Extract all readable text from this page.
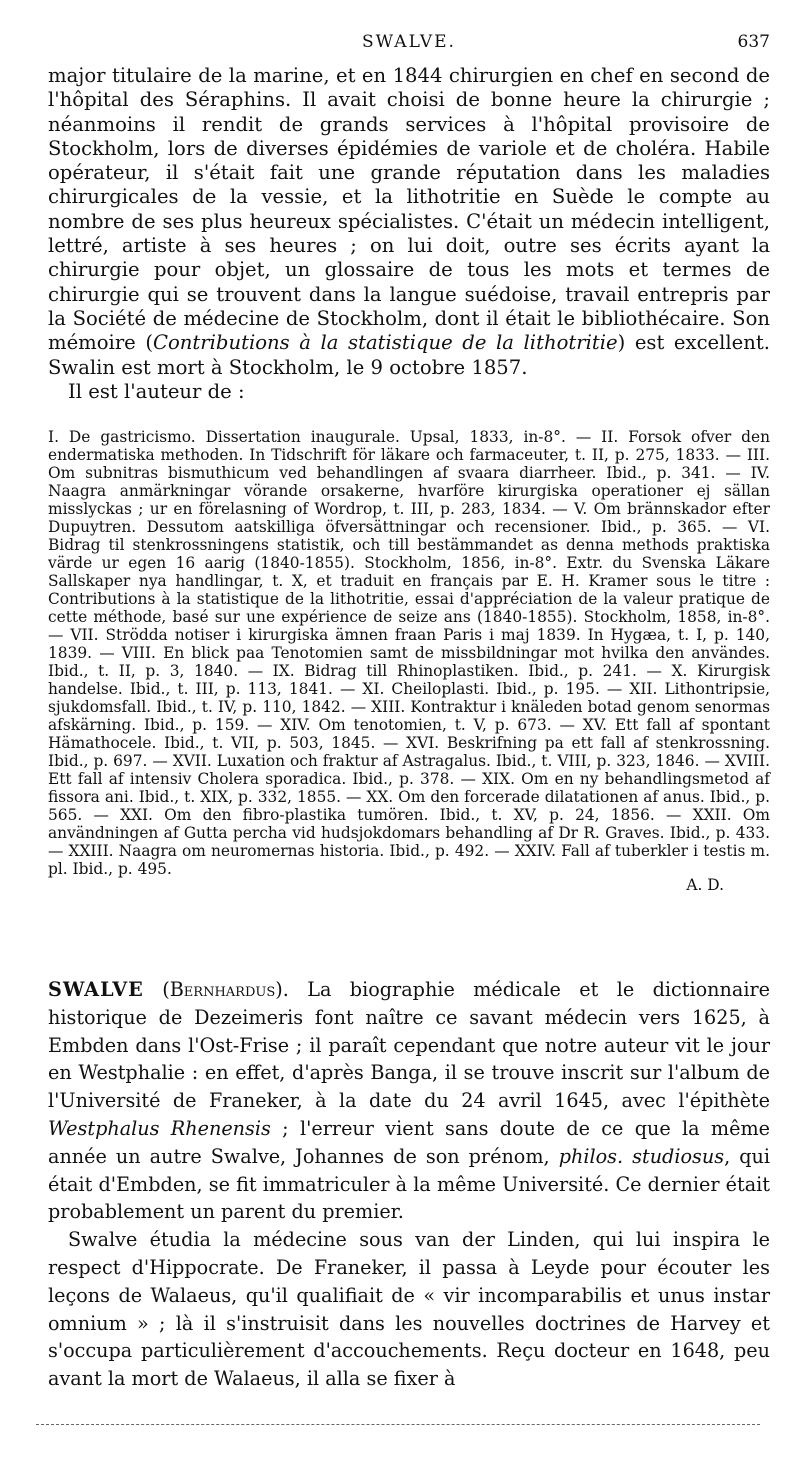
SWALVE.	637

major titulaire de la marine, et en 1844 chirurgien en chef en second de l'hôpital des Séraphins. Il avait choisi de bonne heure la chirurgie ; néanmoins il rendit de grands services à l'hôpital provisoire de Stockholm, lors de diverses épidémies de variole et de choléra. Habile opérateur, il s'était fait une grande réputation dans les maladies chirurgicales de la vessie, et la lithotritie en Suède le compte au nombre de ses plus heureux spécialistes. C'était un médecin intelligent, lettré, artiste à ses heures ; on lui doit, outre ses écrits ayant la chirurgie pour objet, un glossaire de tous les mots et termes de chirurgie qui se trouvent dans la langue suédoise, travail entrepris par la Société de médecine de Stockholm, dont il était le bibliothécaire. Son mémoire (Contributions à la statistique de la lithotritie) est excellent. Swalin est mort à Stockholm, le 9 octobre 1857.

Il est l'auteur de :

I. De gastricismo. Dissertation inaugurale. Upsal, 1833, in-8°. — II. Forsok ofver den endermatiska methoden. In Tidschrift för läkare och farmaceuter, t. II, p. 275, 1833. — III. Om subnitras bismuthicum ved behandlingen af svaara diarrheer. Ibid., p. 341. — IV. Naagra anmärkningar vörande orsakerne, hvarföre kirurgiska operationer ej sällan misslyckas ; ur en förelasning of Wordrop, t. III, p. 283, 1834. — V. Om brännskador efter Dupuytren. Dessutom aatskilliga öfversättningar och recensioner. Ibid., p. 365. — VI. Bidrag til stenkrossningens statistik, och till bestämmandet as denna methods praktiska värde ur egen 16 aarig (1840-1855). Stockholm, 1856, in-8°. Extr. du Svenska Läkare Sallskaper nya handlingar, t. X, et traduit en français par E. H. Kramer sous le titre : Contributions à la statistique de la lithotritie, essai d'appréciation de la valeur pratique de cette méthode, basé sur une expérience de seize ans (1840-1855). Stockholm, 1858, in-8°. — VII. Strödda notiser i kirurgiska ämnen fraan Paris i maj 1839. In Hygæa, t. I, p. 140, 1839. — VIII. En blick paa Tenotomien samt de missbildningar mot hvilka den användes. Ibid., t. II, p. 3, 1840. — IX. Bidrag till Rhinoplastiken. Ibid., p. 241. — X. Kirurgisk handelse. Ibid., t. III, p. 113, 1841. — XI. Cheiloplasti. Ibid., p. 195. — XII. Lithontripsie, sjukdomsfall. Ibid., t. IV, p. 110, 1842. — XIII. Kontraktur i knäleden botad genom senormas afskärning. Ibid., p. 159. — XIV. Om tenotomien, t. V, p. 673. — XV. Ett fall af spontant Hämathocele. Ibid., t. VII, p. 503, 1845. — XVI. Beskrifning pa ett fall af stenkrossning. Ibid., p. 697. — XVII. Luxation och fraktur af Astragalus. Ibid., t. VIII, p. 323, 1846. — XVIII. Ett fall af intensiv Cholera sporadica. Ibid., p. 378. — XIX. Om en ny behandlingsmetod af fissora ani. Ibid., t. XIX, p. 332, 1855. — XX. Om den forcerade dilatationen af anus. Ibid., p. 565. — XXI. Om den fibro-plastika tumören. Ibid., t. XV, p. 24, 1856. — XXII. Om användningen af Gutta percha vid hudsjokdomars behandling af Dr R. Graves. Ibid., p. 433. — XXIII. Naagra om neuromernas historia. Ibid., p. 492. — XXIV. Fall af tuberkler i testis m. pl. Ibid., p. 495.

A. D.

SWALVE (Bernhardus). La biographie médicale et le dictionnaire historique de Dezeimeris font naître ce savant médecin vers 1625, à Embden dans l'Ost-Frise ; il paraît cependant que notre auteur vit le jour en Westphalie : en effet, d'après Banga, il se trouve inscrit sur l'album de l'Université de Franeker, à la date du 24 avril 1645, avec l'épithète Westphalus Rhenensis ; l'erreur vient sans doute de ce que la même année un autre Swalve, Johannes de son prénom, philos. studiosus, qui était d'Embden, se fit immatriculer à la même Université. Ce dernier était probablement un parent du premier.

Swalve étudia la médecine sous van der Linden, qui lui inspira le respect d'Hippocrate. De Franeker, il passa à Leyde pour écouter les leçons de Walaeus, qu'il qualifiait de « vir incomparabilis et unus instar omnium » ; là il s'instruisit dans les nouvelles doctrines de Harvey et s'occupa particulièrement d'accouchements. Reçu docteur en 1648, peu avant la mort de Walaeus, il alla se fixer à
